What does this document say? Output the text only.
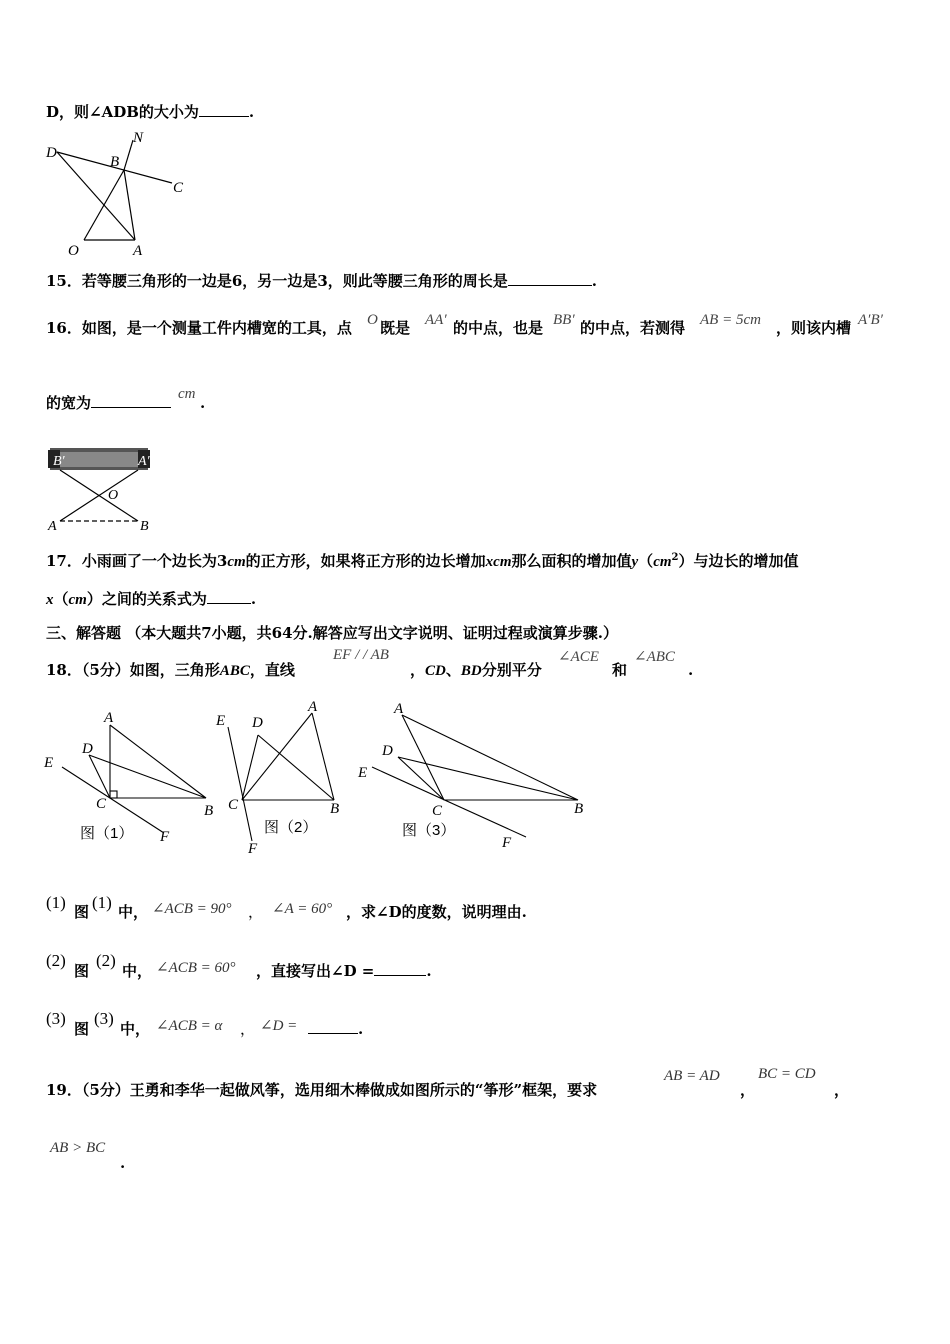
D，则∠ADB的大小为	.
D
N
B
C
O	A
15．若等腰三角形的一边是6，另一边是3，则此等腰三角形的周长是	.
16．如图，是一个测量工件内槽宽的工具，点 O 既是 AA′ 的中点，也是 BB′ 的中点，若测得 AB = 5cm ，则该内槽 A′B′
的宽为	cm .
B′	A′
O
A	B
17．小雨画了一个边长为3cm的正方形，如果将正方形的边长增加xcm那么面积的增加值$y(cm^2)$与边长的增加值
x（cm）之间的关系式为	.
三、解答题 （本大题共7小题，共64分.解答应写出文字说明、证明过程或演算步骤.）
18．（5分）如图，三角形ABC，直线
EF / / AB
，CD、BD分别平分
∠ACE
和
∠ABC
.
A
D
E
C	B
F
图（1）
A
D
E
C	B
F
图（2）
A
D
E
C	B
F
图（3）
(1) 图 (1) 中， ∠ACB = 90° ， ∠A = 60° ，求∠D的度数，说明理由.
(2)
图
(2)
中， ∠ACB = 60° ，直接写出∠D =	.
(3)
图
(3)
中， ∠ACB = α ， ∠D =	.
19．（5分）王勇和李华一起做风筝，选用细木棒做成如图所示的“筝形”框架，要求
AB = AD
，
BC = CD
，
AB > BC
.
